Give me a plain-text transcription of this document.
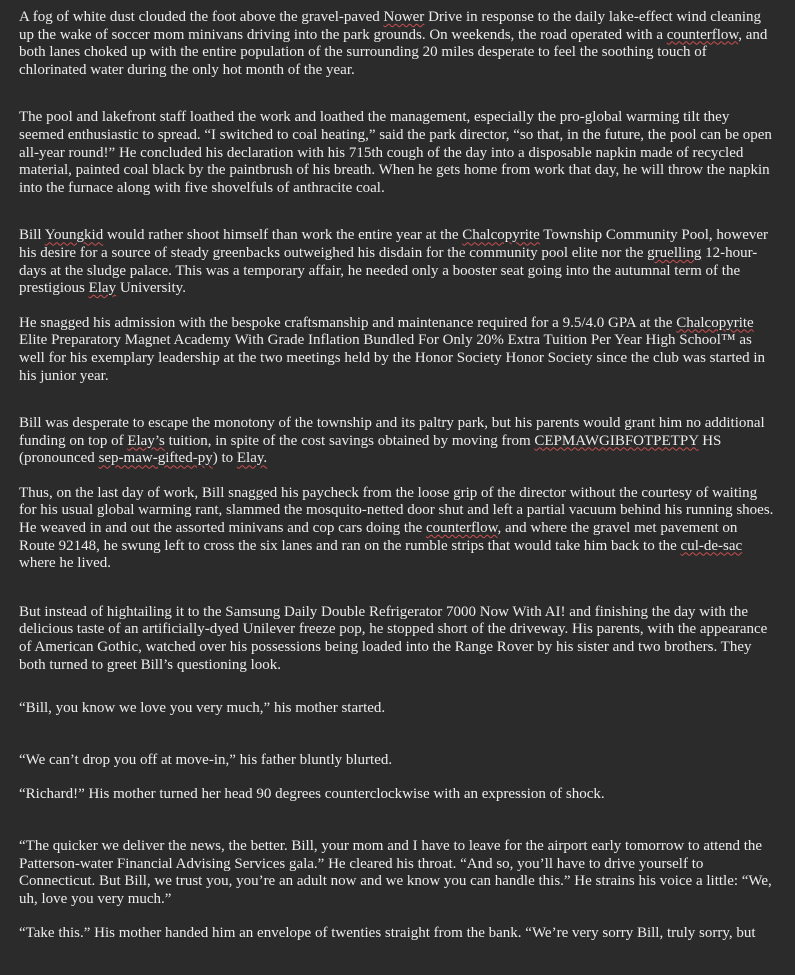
A fog of white dust clouded the foot above the gravel-paved Nower Drive in response to the daily lake-effect wind cleaning up the wake of soccer mom minivans driving into the park grounds. On weekends, the road operated with a counterflow, and both lanes choked up with the entire population of the surrounding 20 miles desperate to feel the soothing touch of chlorinated water during the only hot month of the year.

The pool and lakefront staff loathed the work and loathed the management, especially the pro-global warming tilt they seemed enthusiastic to spread. “I switched to coal heating,” said the park director, “so that, in the future, the pool can be open all-year round!” He concluded his declaration with his 715th cough of the day into a disposable napkin made of recycled material, painted coal black by the paintbrush of his breath. When he gets home from work that day, he will throw the napkin into the furnace along with five shovelfuls of anthracite coal.

Bill Youngkid would rather shoot himself than work the entire year at the Chalcopyrite Township Community Pool, however his desire for a source of steady greenbacks outweighed his disdain for the community pool elite nor the gruelling 12-hour-days at the sludge palace. This was a temporary affair, he needed only a booster seat going into the autumnal term of the prestigious Elay University.

He snagged his admission with the bespoke craftsmanship and maintenance required for a 9.5/4.0 GPA at the Chalcopyrite Elite Preparatory Magnet Academy With Grade Inflation Bundled For Only 20% Extra Tuition Per Year High School™ as well for his exemplary leadership at the two meetings held by the Honor Society Honor Society since the club was started in his junior year.

Bill was desperate to escape the monotony of the township and its paltry park, but his parents would grant him no additional funding on top of Elay’s tuition, in spite of the cost savings obtained by moving from CEPMAWGIBFOTPETPY HS (pronounced sep-maw-gifted-py) to Elay.

Thus, on the last day of work, Bill snagged his paycheck from the loose grip of the director without the courtesy of waiting for his usual global warming rant, slammed the mosquito-netted door shut and left a partial vacuum behind his running shoes. He weaved in and out the assorted minivans and cop cars doing the counterflow, and where the gravel met pavement on Route 92148, he swung left to cross the six lanes and ran on the rumble strips that would take him back to the cul-de-sac where he lived.

But instead of hightailing it to the Samsung Daily Double Refrigerator 7000 Now With AI! and finishing the day with the delicious taste of an artificially-dyed Unilever freeze pop, he stopped short of the driveway. His parents, with the appearance of American Gothic, watched over his possessions being loaded into the Range Rover by his sister and two brothers. They both turned to greet Bill’s questioning look.

“Bill, you know we love you very much,” his mother started.

“We can’t drop you off at move-in,” his father bluntly blurted.

“Richard!” His mother turned her head 90 degrees counterclockwise with an expression of shock.

“The quicker we deliver the news, the better. Bill, your mom and I have to leave for the airport early tomorrow to attend the Patterson-water Financial Advising Services gala.” He cleared his throat. “And so, you’ll have to drive yourself to Connecticut. But Bill, we trust you, you’re an adult now and we know you can handle this.” He strains his voice a little: “We, uh, love you very much.”

“Take this.” His mother handed him an envelope of twenties straight from the bank. “We’re very sorry Bill, truly sorry, but
